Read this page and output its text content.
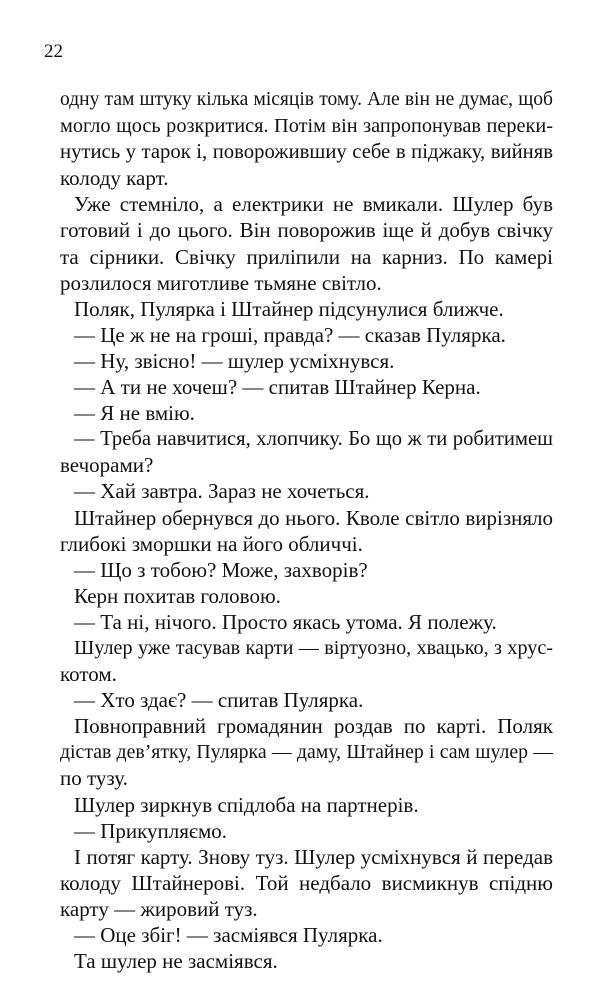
22
одну там штуку кілька місяців тому. Але він не думає, щоб
могло щось розкритися. Потім він запропонував переки-
нутись у тарок і, поворожившиу себе в піджаку, вийняв
колоду карт.
Уже стемніло, а електрики не вмикали. Шулер був
готовий і до цього. Він поворожив іще й добув свічку
та сірники. Свічку приліпили на карниз. По камері
розлилося миготливе тьмяне світло.
Поляк, Пулярка і Штайнер підсунулися ближче.
— Це ж не на гроші, правда? — сказав Пулярка.
— Ну, звісно! — шулер усміхнувся.
— А ти не хочеш? — спитав Штайнер Керна.
— Я не вмію.
— Треба навчитися, хлопчику. Бо що ж ти робитимеш
вечорами?
— Хай завтра. Зараз не хочеться.
Штайнер обернувся до нього. Кволе світло вирізняло
глибокі зморшки на його обличчі.
— Що з тобою? Може, захворів?
Керн похитав головою.
— Та ні, нічого. Просто якась утома. Я полежу.
Шулер уже тасував карти — віртуозно, хвацько, з хрус-
котом.
— Хто здає? — спитав Пулярка.
Повноправний громадянин роздав по карті. Поляк
дістав дев’ятку, Пулярка — даму, Штайнер і сам шулер —
по тузу.
Шулер зиркнув спідлоба на партнерів.
— Прикупляємо.
І потяг карту. Знову туз. Шулер усміхнувся й передав
колоду Штайнерові. Той недбало висмикнув спідню
карту — жировий туз.
— Оце збіг! — засміявся Пулярка.
Та шулер не засміявся.
